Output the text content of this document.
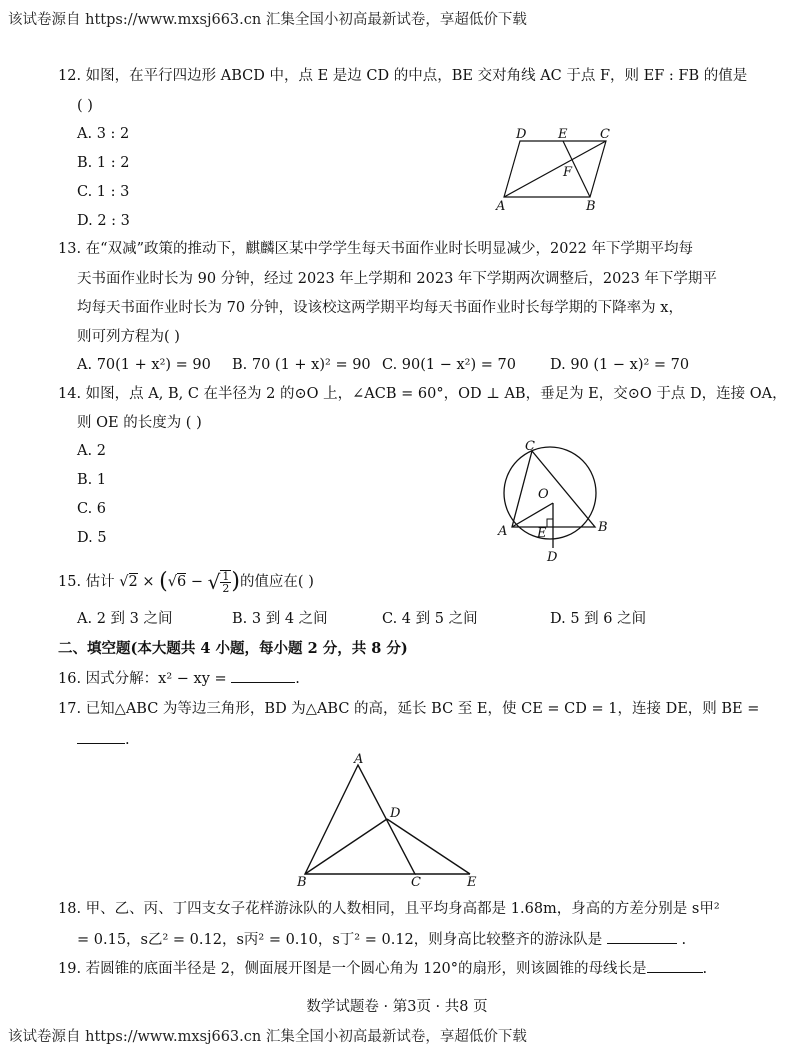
该试卷源自 https://www.mxsj663.cn 汇集全国小初高最新试卷，享超低价下载
12. 如图，在平行四边形 ABCD 中，点 E 是边 CD 的中点，BE 交对角线 AC 于点 F，则 EF : FB 的值是
( )
A. 3 : 2
B. 1 : 2
C. 1 : 3
D. 2 : 3
D E	C
F
A	B
13. 在“双减”政策的推动下，麒麟区某中学学生每天书面作业时长明显减少，2022 年下学期平均每
天书面作业时长为 90 分钟，经过 2023 年上学期和 2023 年下学期两次调整后，2023 年下学期平
均每天书面作业时长为 70 分钟，设该校这两学期平均每天书面作业时长每学期的下降率为 x，
则可列方程为( )
A. 70(1 + x²) = 90 B. 70 (1 + x)² = 90 C. 90(1 − x²) = 70 D. 90 (1 − x)² = 70
14. 如图，点 A, B, C 在半径为 2 的⊙O 上，∠ACB = 60°，OD ⊥ AB，垂足为 E，交⊙O 于点 D，连接 OA，
则 OE 的长度为 ( )
A. 2
B. 1
C. 6
D. 5
C
O
A	B
E
D
15. 估计 √2 × (√6 − √ $\frac{1}{2}$ )的值应在( )
A. 2 到 3 之间	B. 3 到 4 之间	C. 4 到 5 之间	D. 5 到 6 之间
二、填空题(本大题共 4 小题，每小题 2 分，共 8 分)
16. 因式分解：x² − xy =	.
17. 已知△ABC 为等边三角形，BD 为△ABC 的高，延长 BC 至 E，使 CE = CD = 1，连接 DE，则 BE =
.
A
D
B	C	E
18. 甲、乙、丙、丁四支女子花样游泳队的人数相同，且平均身高都是 1.68m，身高的方差分别是 s甲²
= 0.15，s乙² = 0.12，s丙² = 0.10，s丁² = 0.12，则身高比较整齐的游泳队是	.
19. 若圆锥的底面半径是 2，侧面展开图是一个圆心角为 120°的扇形，则该圆锥的母线长是	.
数学试题卷 · 第3页 · 共8 页
该试卷源自 https://www.mxsj663.cn 汇集全国小初高最新试卷，享超低价下载
